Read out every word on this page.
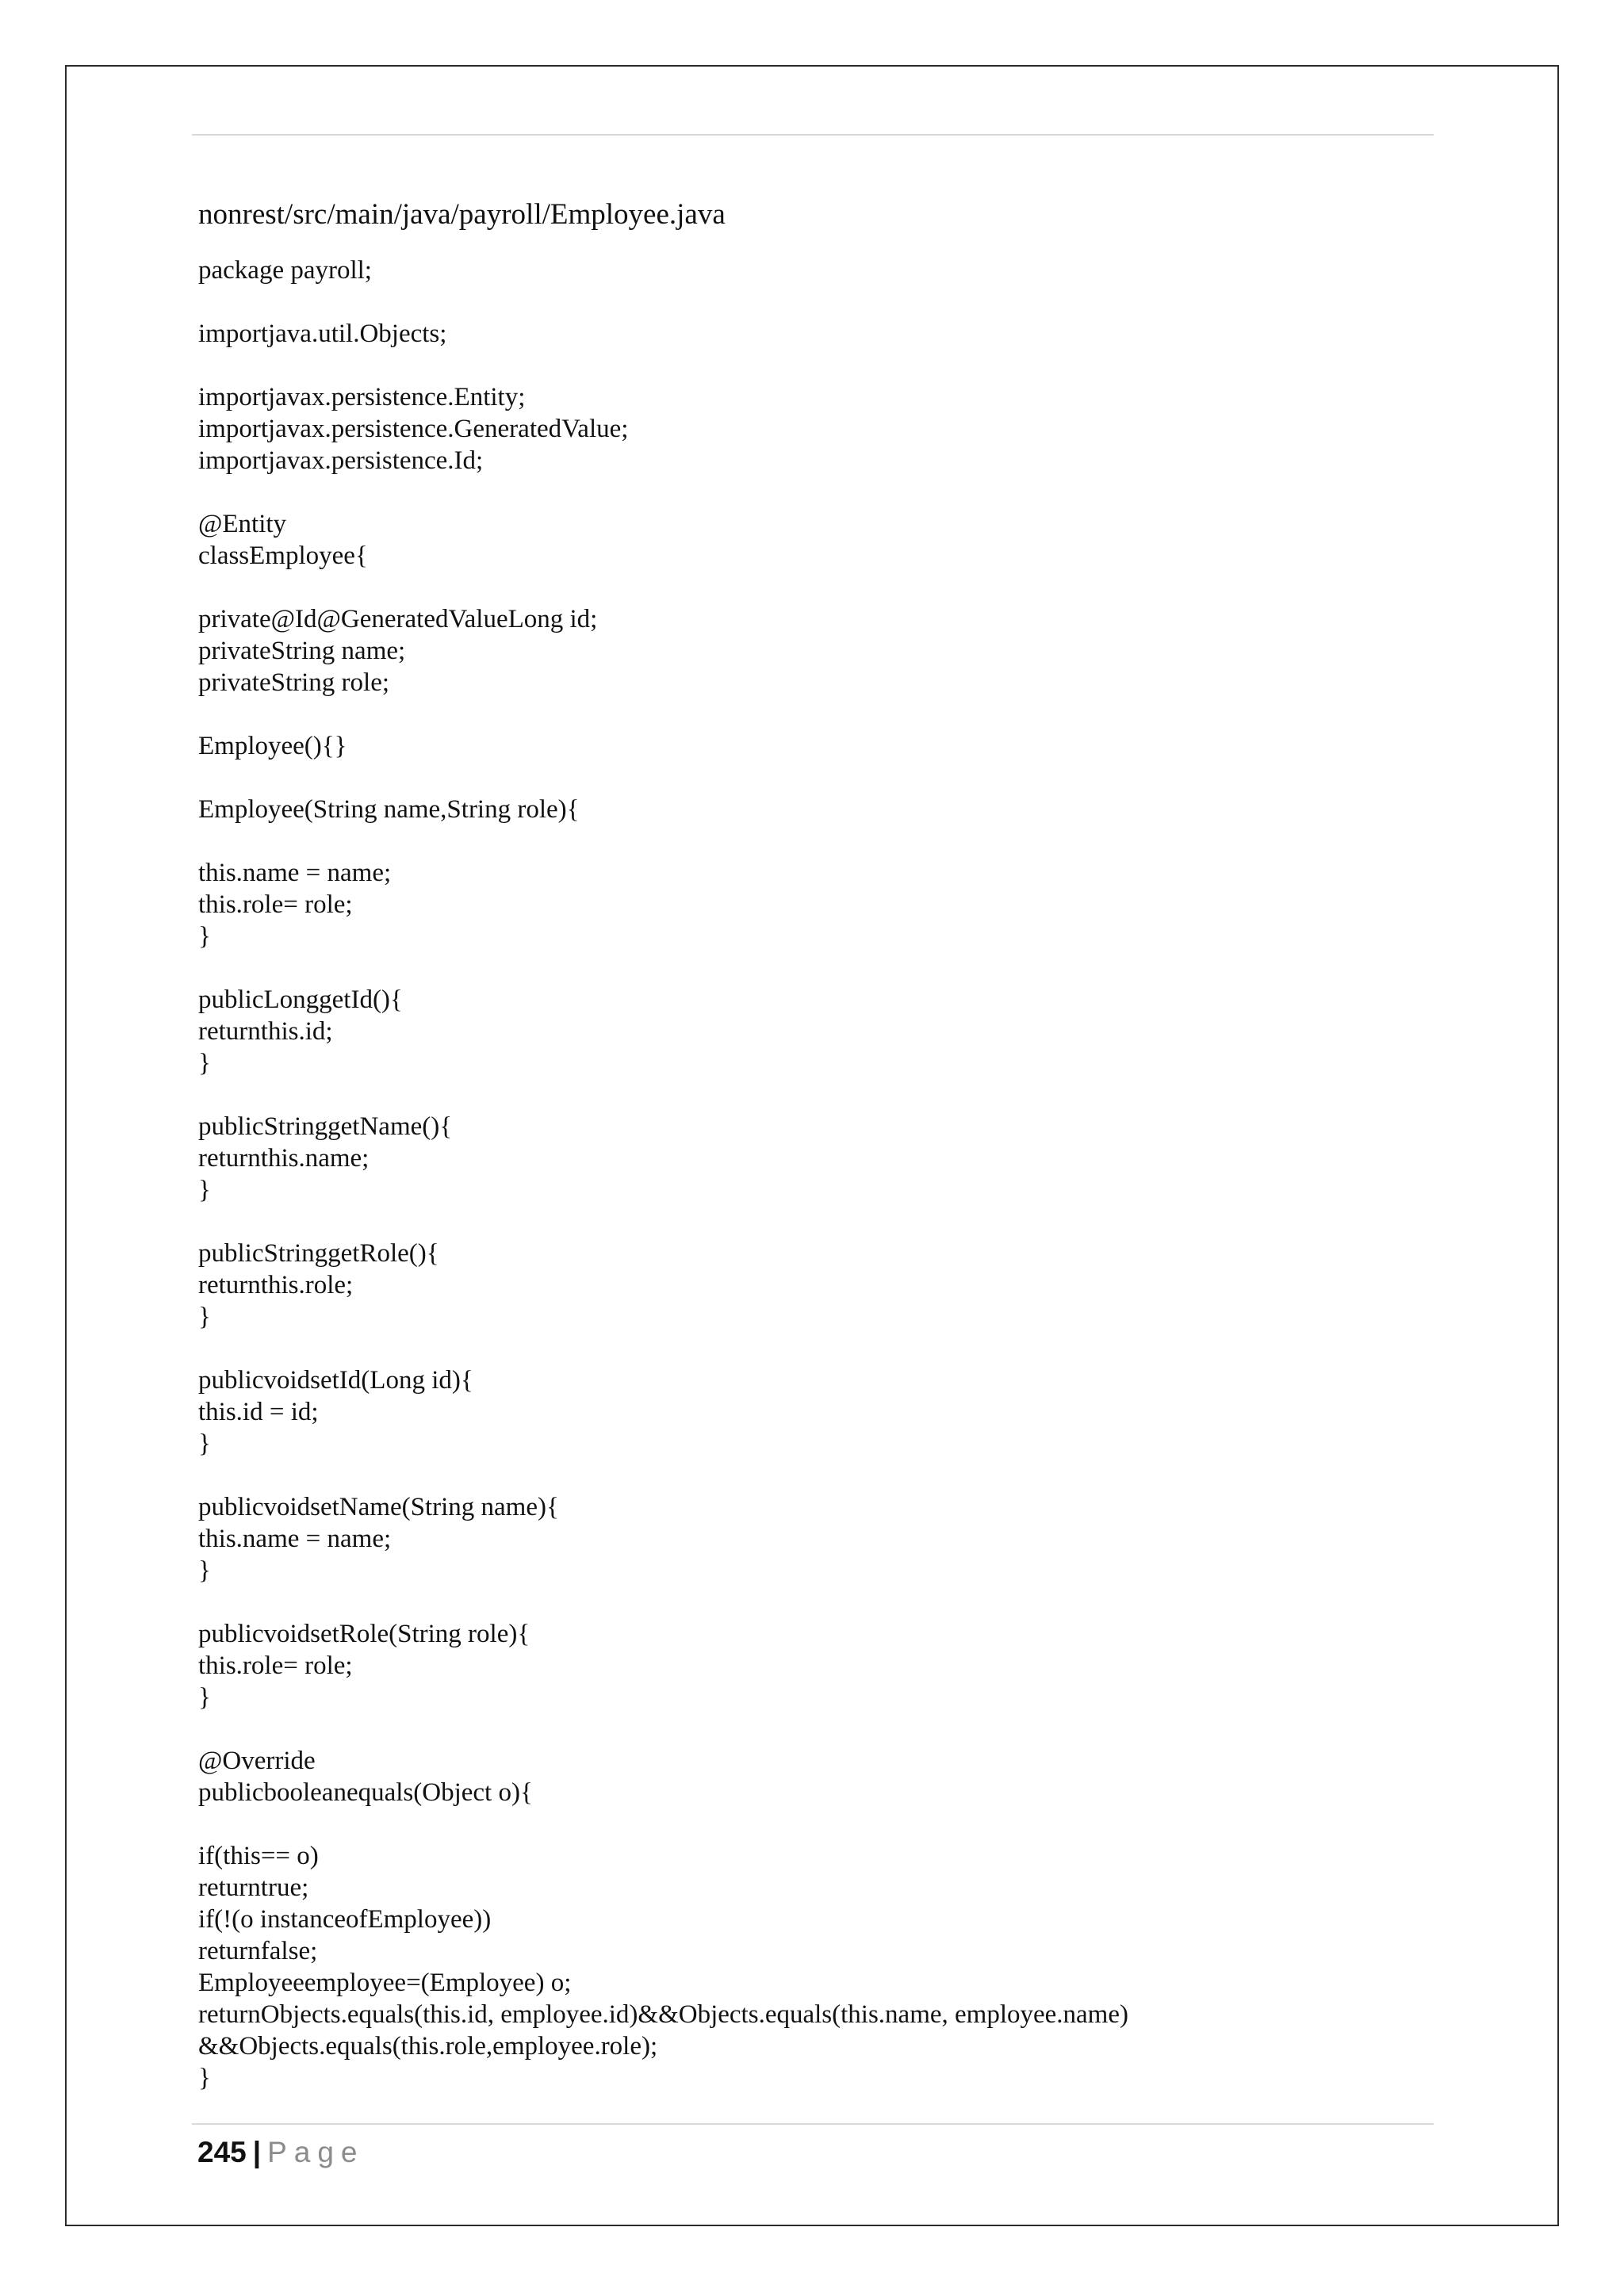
nonrest/src/main/java/payroll/Employee.java
package payroll;
importjava.util.Objects;
importjavax.persistence.Entity;
importjavax.persistence.GeneratedValue;
importjavax.persistence.Id;
@Entity
classEmployee{
private@Id@GeneratedValueLong id;
privateString name;
privateString role;
Employee(){}
Employee(String name,String role){
this.name = name;
this.role= role;
}
publicLonggetId(){
returnthis.id;
}
publicStringgetName(){
returnthis.name;
}
publicStringgetRole(){
returnthis.role;
}
publicvoidsetId(Long id){
this.id = id;
}
publicvoidsetName(String name){
this.name = name;
}
publicvoidsetRole(String role){
this.role= role;
}
@Override
publicbooleanequals(Object o){
if(this== o)
returntrue;
if(!(o instanceofEmployee))
returnfalse;
Employeeemployee=(Employee) o;
returnObjects.equals(this.id, employee.id)&&Objects.equals(this.name, employee.name)
&&Objects.equals(this.role,employee.role);
}
245 | Page
